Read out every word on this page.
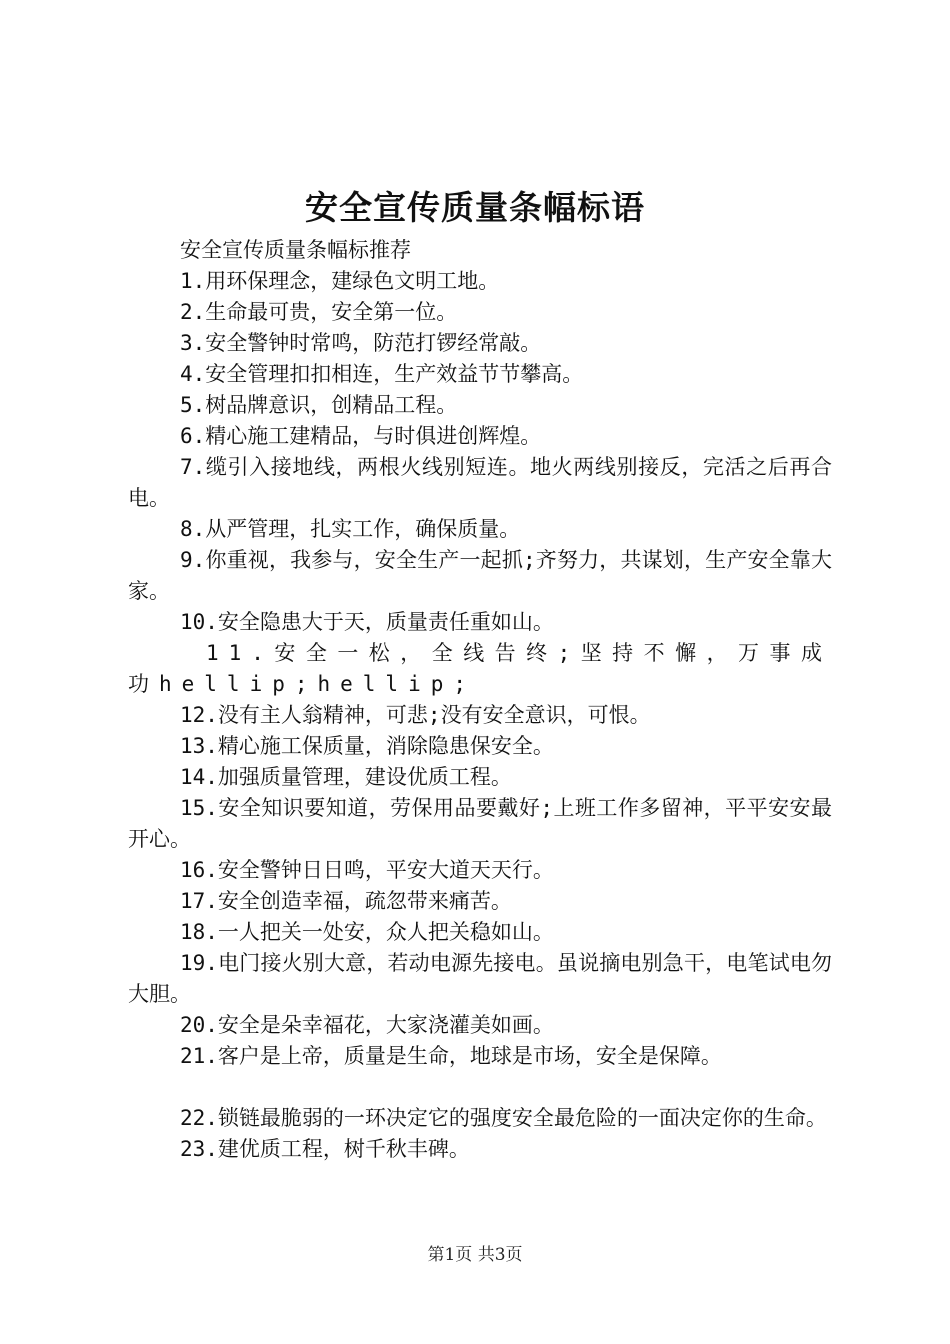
安全宣传质量条幅标语

安全宣传质量条幅标推荐

1.用环保理念，建绿色文明工地。

2.生命最可贵，安全第一位。

3.安全警钟时常鸣，防范打锣经常敲。

4.安全管理扣扣相连，生产效益节节攀高。

5.树品牌意识，创精品工程。

6.精心施工建精品，与时俱进创辉煌。

7.缆引入接地线，两根火线别短连。地火两线别接反，完活之后再合电。

8.从严管理，扎实工作，确保质量。

9.你重视，我参与，安全生产一起抓;齐努力，共谋划，生产安全靠大家。

10.安全隐患大于天，质量责任重如山。

11.安全一松，全线告终;坚持不懈，万事成功hellip;hellip;

12.没有主人翁精神，可悲;没有安全意识，可恨。

13.精心施工保质量，消除隐患保安全。

14.加强质量管理，建设优质工程。

15.安全知识要知道，劳保用品要戴好;上班工作多留神，平平安安最开心。

16.安全警钟日日鸣，平安大道天天行。

17.安全创造幸福，疏忽带来痛苦。

18.一人把关一处安，众人把关稳如山。

19.电门接火别大意，若动电源先接电。虽说摘电别急干，电笔试电勿大胆。

20.安全是朵幸福花，大家浇灌美如画。

21.客户是上帝，质量是生命，地球是市场，安全是保障。

22.锁链最脆弱的一环决定它的强度安全最危险的一面决定你的生命。

23.建优质工程，树千秋丰碑。

第1页 共3页
